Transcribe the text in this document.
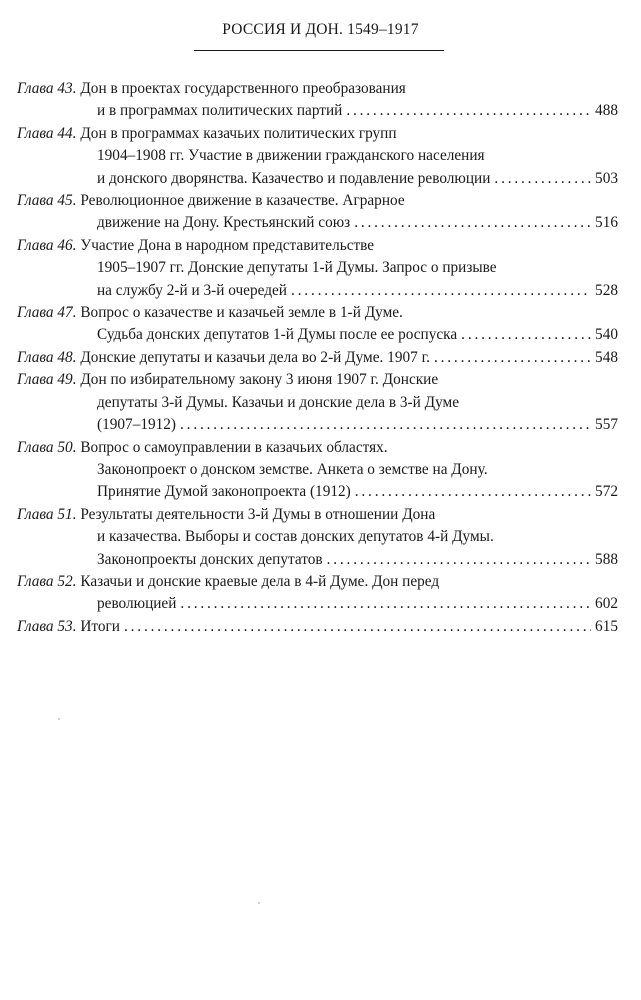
РОССИЯ И ДОН. 1549–1917
Глава 43.
Дон в проектах государственного преобразования
и в программах политических партий . . .	488
Глава 44.
Дон в программах казачьих политических групп
1904–1908 гг. Участие в движении гражданского населения
и донского дворянства. Казачество и подавление революции . . .	503
Глава 45.
Революционное движение в казачестве. Аграрное
движение на Дону. Крестьянский союз . . .	516
Глава 46.
Участие Дона в народном представительстве
1905–1907 гг. Донские депутаты 1-й Думы. Запрос о призыве
на службу 2-й и 3-й очередей . . .	528
Глава 47.
Вопрос о казачестве и казачьей земле в 1-й Думе.
Судьба донских депутатов 1-й Думы после ее роспуска . . .	540
Глава 48.
Донские депутаты и казачьи дела во 2-й Думе. 1907 г. . . .	548
Глава 49.
Дон по избирательному закону 3 июня 1907 г. Донские
депутаты 3-й Думы. Казачьи и донские дела в 3-й Думе
(1907–1912) . . .	557
Глава 50.
Вопрос о самоуправлении в казачьих областях.
Законопроект о донском земстве. Анкета о земстве на Дону.
Принятие Думой законопроекта (1912) . . .	572
Глава 51.
Результаты деятельности 3-й Думы в отношении Дона
и казачества. Выборы и состав донских депутатов 4-й Думы.
Законопроекты донских депутатов . . .	588
Глава 52.
Казачьи и донские краевые дела в 4-й Думе. Дон перед
революцией . . .	602
Глава 53.
Итоги . . .	615
